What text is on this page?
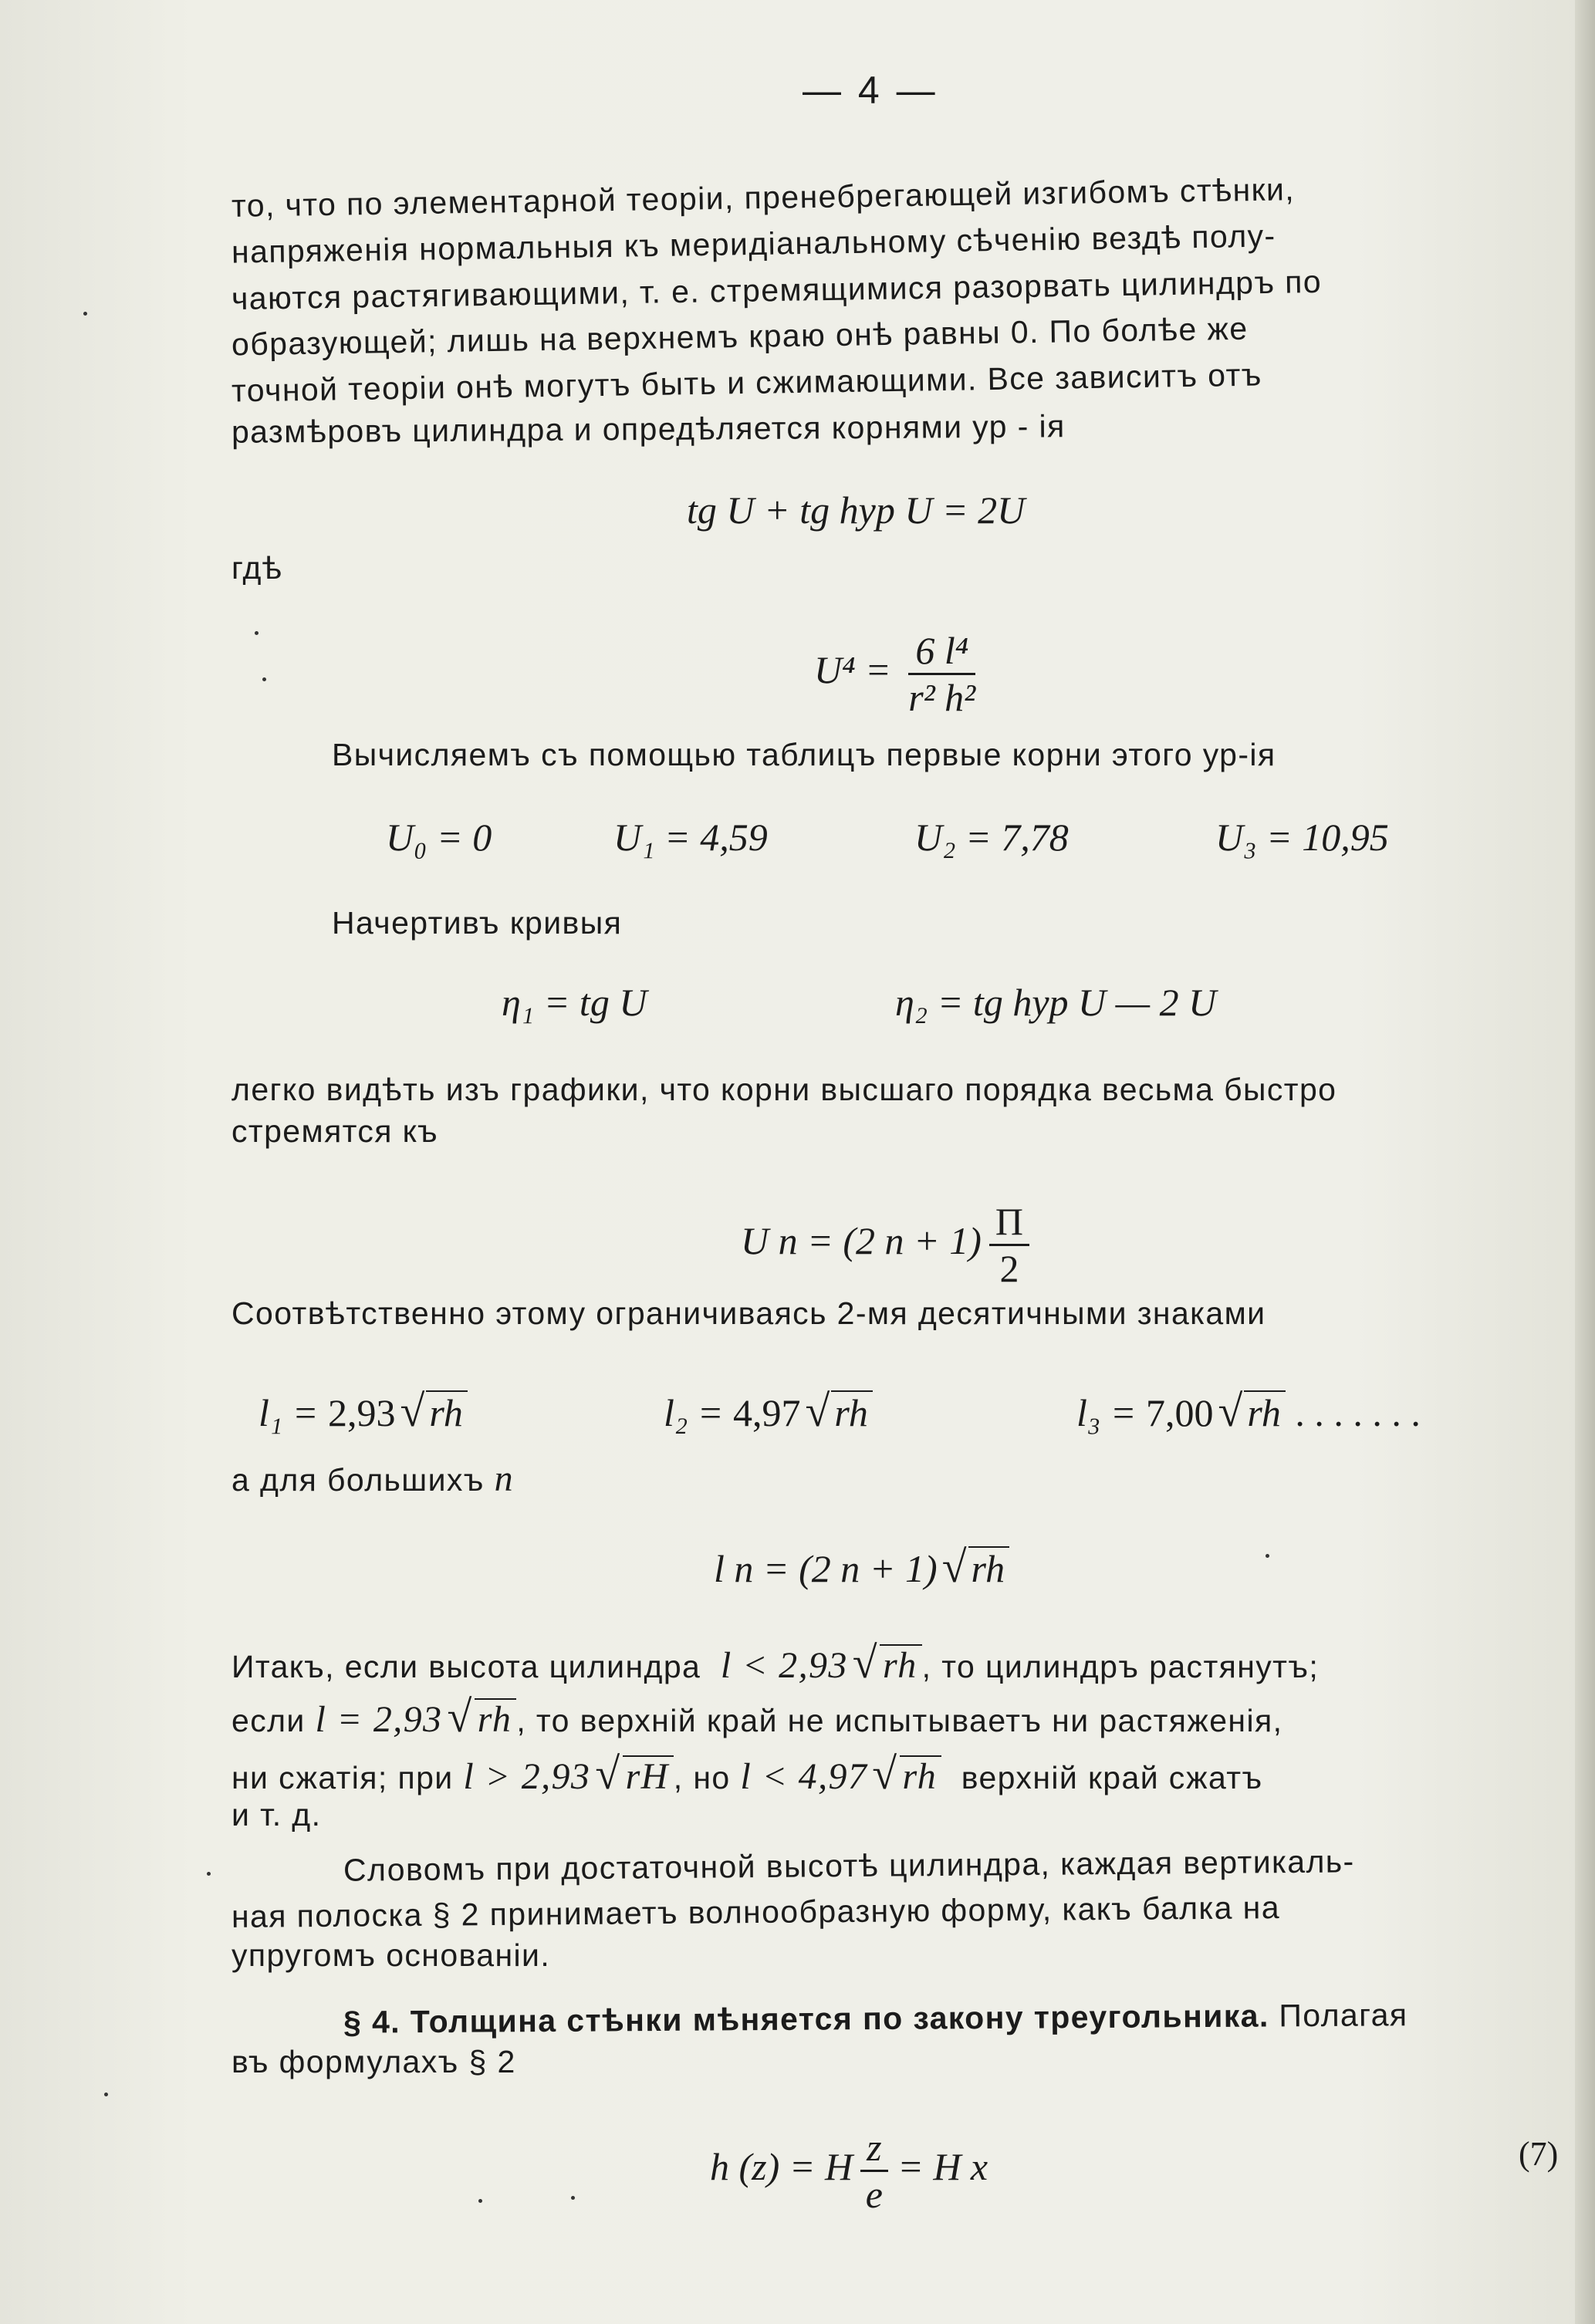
— 4 —
то, что по элементарной теорiи, пренебрегающей изгибомъ стѣнки,
напряженія нормальныя къ меридіанальному сѣченію вездѣ полу-
чаются растягивающими, т. е. стремящимися разорвать цилиндръ по
образующей; лишь на верхнемъ краю онѣ равны 0. По болѣе же
точной теорiи онѣ могутъ быть и сжимающими. Все зависитъ отъ
размѣровъ цилиндра и опредѣляется корнями ур - ія
tg U + tg hyp U = 2U
гдѣ

$U^4 = \frac{\text{6 l⁴}}{\text{r² h²}}$

Вычисляемъ съ помощью таблицъ первые корни этого ур-ія
U₀ = 0	U₁ = 4,59	U₂ = 7,78	U₃ = 10,95
Начертивъ кривыя
η₁ = tg U	η₂ = tg hyp U — 2 U
легко видѣть изъ графики, что корни высшаго порядка весьма быстро
стремятся къ

U n = (2 $n + 1) \frac{\Pi}{2}$

Соотвѣтственно этому ограничиваясь 2-мя десятичными знаками
l₁ = 2,93 √ rh	l₂ = 4,97 √ rh	l₃ = 7,00 √ rh . . . . . . .
а для большихъ n
l n = (2 n + 1) √ rh
Итакъ, если высота цилиндра l < 2,93 √ rh , то цилиндръ растянутъ;
если l = 2,93 √ rh , то верхнiй край не испытываетъ ни растяженія,
ни сжатія; при l > 2,93 √ rH , но l < 4,97 √ rh верхнiй край сжатъ
и т. д.
Словомъ при достаточной высотѣ цилиндра, каждая вертикаль-
ная полоска § 2 принимаетъ волнообразную форму, какъ балка на
упругомъ основанiи.
§ 4. Толщина стѣнки мѣняется по закону треугольника. Полагая
въ формулахъ § 2
h (z) = H $\frac{z}{e} = H$ x	(7)
